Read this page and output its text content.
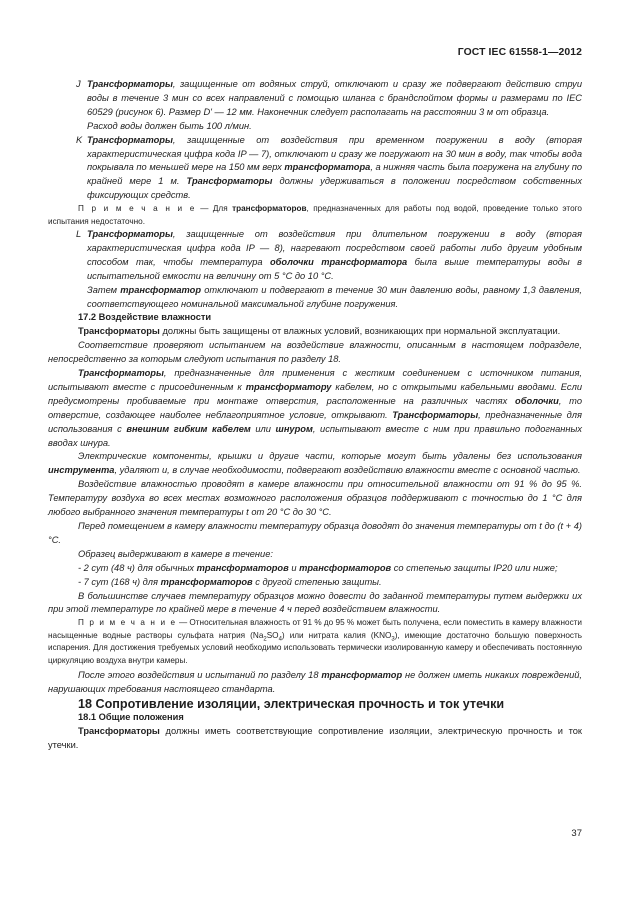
ГОСТ IEC 61558-1—2012
J Трансформаторы, защищенные от водяных струй, отключают и сразу же подвергают действию струи воды в течение 3 мин со всех направлений с помощью шланга с брандспойтом формы и размерами по IEC 60529 (рисунок 6). Размер D' — 12 мм. Наконечник следует располагать на расстоянии 3 м от образца.

Расход воды должен быть 100 л/мин.

K Трансформаторы, защищенные от воздействия при временном погружении в воду (вторая характеристическая цифра кода IP — 7), отключают и сразу же погружают на 30 мин в воду, так чтобы вода покрывала по меньшей мере на 150 мм верх трансформатора, а нижняя часть была погружена на глубину по крайней мере 1 м. Трансформаторы должны удерживаться в положении посредством собственных фиксирующих средств.

П р и м е ч а н и е — Для трансформаторов, предназначенных для работы под водой, проведение только этого испытания недостаточно.

L Трансформаторы, защищенные от воздействия при длительном погружении в воду (вторая характеристическая цифра кода IP — 8), нагревают посредством своей работы либо другим удобным способом так, чтобы температура оболочки трансформатора была выше температуры воды в испытательной емкости на величину от 5 °С до 10 °С.

Затем трансформатор отключают и подвергают в течение 30 мин давлению воды, равному 1,3 давления, соответствующего номинальной максимальной глубине погружения.

17.2 Воздействие влажности

Трансформаторы должны быть защищены от влажных условий, возникающих при нормальной эксплуатации.

Соответствие проверяют испытанием на воздействие влажности, описанным в настоящем подразделе, непосредственно за которым следуют испытания по разделу 18.

Трансформаторы, предназначенные для применения с жестким соединением с источником питания, испытывают вместе с присоединенным к трансформатору кабелем, но с открытыми кабельными вводами. Если предусмотрены пробиваемые при монтаже отверстия, расположенные на различных частях оболочки, то отверстие, создающее наиболее неблагоприятное условие, открывают. Трансформаторы, предназначенные для использования с внешним гибким кабелем или шнуром, испытывают вместе с ним при правильно подогнанных вводах шнура.

Электрические компоненты, крышки и другие части, которые могут быть удалены без использования инструмента, удаляют и, в случае необходимости, подвергают воздействию влажности вместе с основной частью.

Воздействие влажностью проводят в камере влажности при относительной влажности от 91 % до 95 %. Температуру воздуха во всех местах возможного расположения образцов поддерживают с точностью до 1 °С для любого выбранного значения температуры t от 20 °С до 30 °С.

Перед помещением в камеру влажности температуру образца доводят до значения температуры от t до (t + 4) °С.

Образец выдерживают в камере в течение:

- 2 сут (48 ч) для обычных трансформаторов и трансформаторов со степенью защиты IP20 или ниже;

- 7 сут (168 ч) для трансформаторов с другой степенью защиты.

В большинстве случаев температуру образцов можно довести до заданной температуры путем выдержки их при этой температуре по крайней мере в течение 4 ч перед воздействием влажности.

П р и м е ч а н и е — Относительная влажность от 91 % до 95 % может быть получена, если поместить в камеру влажности насыщенные водные растворы сульфата натрия $(Na_2SO_4)$ или нитрата калия $(KNO_3)$, имеющие достаточно большую поверхность испарения. Для достижения требуемых условий необходимо использовать термически изолированную камеру и обеспечивать постоянную циркуляцию воздуха внутри камеры.

После этого воздействия и испытаний по разделу 18 трансформатор не должен иметь никаких повреждений, нарушающих требования настоящего стандарта.

18 Сопротивление изоляции, электрическая прочность и ток утечки

18.1 Общие положения

Трансформаторы должны иметь соответствующие сопротивление изоляции, электрическую прочность и ток утечки.

37
